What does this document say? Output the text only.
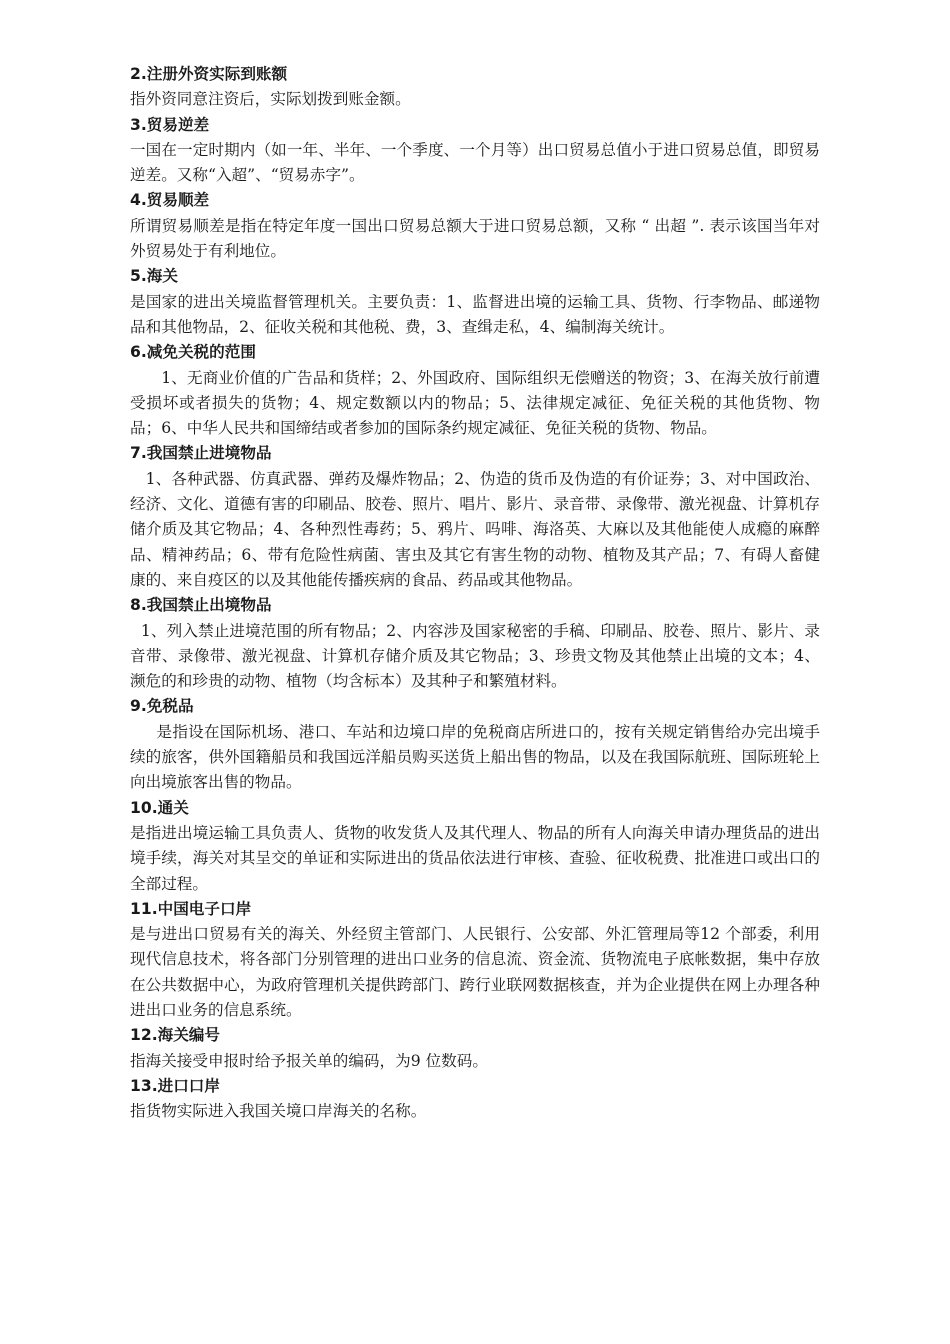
2.注册外资实际到账额

指外资同意注资后，实际划拨到账金额。

3.贸易逆差

一国在一定时期内（如一年、半年、一个季度、一个月等）出口贸易总值小于进口贸易总值，即贸易逆差。又称“入超”、“贸易赤字”。

4.贸易顺差

所谓贸易顺差是指在特定年度一国出口贸易总额大于进口贸易总额，又称 “ 出超 ”. 表示该国当年对外贸易处于有利地位。

5.海关

是国家的进出关境监督管理机关。主要负责：1、监督进出境的运输工具、货物、行李物品、邮递物品和其他物品，2、征收关税和其他税、费，3、查缉走私，4、编制海关统计。

6.减免关税的范围

1、无商业价值的广告品和货样；2、外国政府、国际组织无偿赠送的物资；3、在海关放行前遭受损坏或者损失的货物；4、规定数额以内的物品；5、法律规定减征、免征关税的其他货物、物品；6、中华人民共和国缔结或者参加的国际条约规定减征、免征关税的货物、物品。

7.我国禁止进境物品

1、各种武器、仿真武器、弹药及爆炸物品；2、伪造的货币及伪造的有价证券；3、对中国政治、经济、文化、道德有害的印刷品、胶卷、照片、唱片、影片、录音带、录像带、激光视盘、计算机存储介质及其它物品；4、各种烈性毒药；5、鸦片、吗啡、海洛英、大麻以及其他能使人成瘾的麻醉品、精神药品；6、带有危险性病菌、害虫及其它有害生物的动物、植物及其产品；7、有碍人畜健康的、来自疫区的以及其他能传播疾病的食品、药品或其他物品。

8.我国禁止出境物品

1、列入禁止进境范围的所有物品；2、内容涉及国家秘密的手稿、印刷品、胶卷、照片、影片、录音带、录像带、激光视盘、计算机存储介质及其它物品；3、珍贵文物及其他禁止出境的文本；4、濒危的和珍贵的动物、植物（均含标本）及其种子和繁殖材料。

9.免税品

是指设在国际机场、港口、车站和边境口岸的免税商店所进口的，按有关规定销售给办完出境手续的旅客，供外国籍船员和我国远洋船员购买送货上船出售的物品，以及在我国际航班、国际班轮上向出境旅客出售的物品。

10.通关

是指进出境运输工具负责人、货物的收发货人及其代理人、物品的所有人向海关申请办理货品的进出境手续，海关对其呈交的单证和实际进出的货品依法进行审核、查验、征收税费、批准进口或出口的全部过程。

11.中国电子口岸

是与进出口贸易有关的海关、外经贸主管部门、人民银行、公安部、外汇管理局等12 个部委，利用现代信息技术，将各部门分别管理的进出口业务的信息流、资金流、货物流电子底帐数据，集中存放在公共数据中心，为政府管理机关提供跨部门、跨行业联网数据核查，并为企业提供在网上办理各种进出口业务的信息系统。

12.海关编号

指海关接受申报时给予报关单的编码，为9 位数码。

13.进口口岸

指货物实际进入我国关境口岸海关的名称。
